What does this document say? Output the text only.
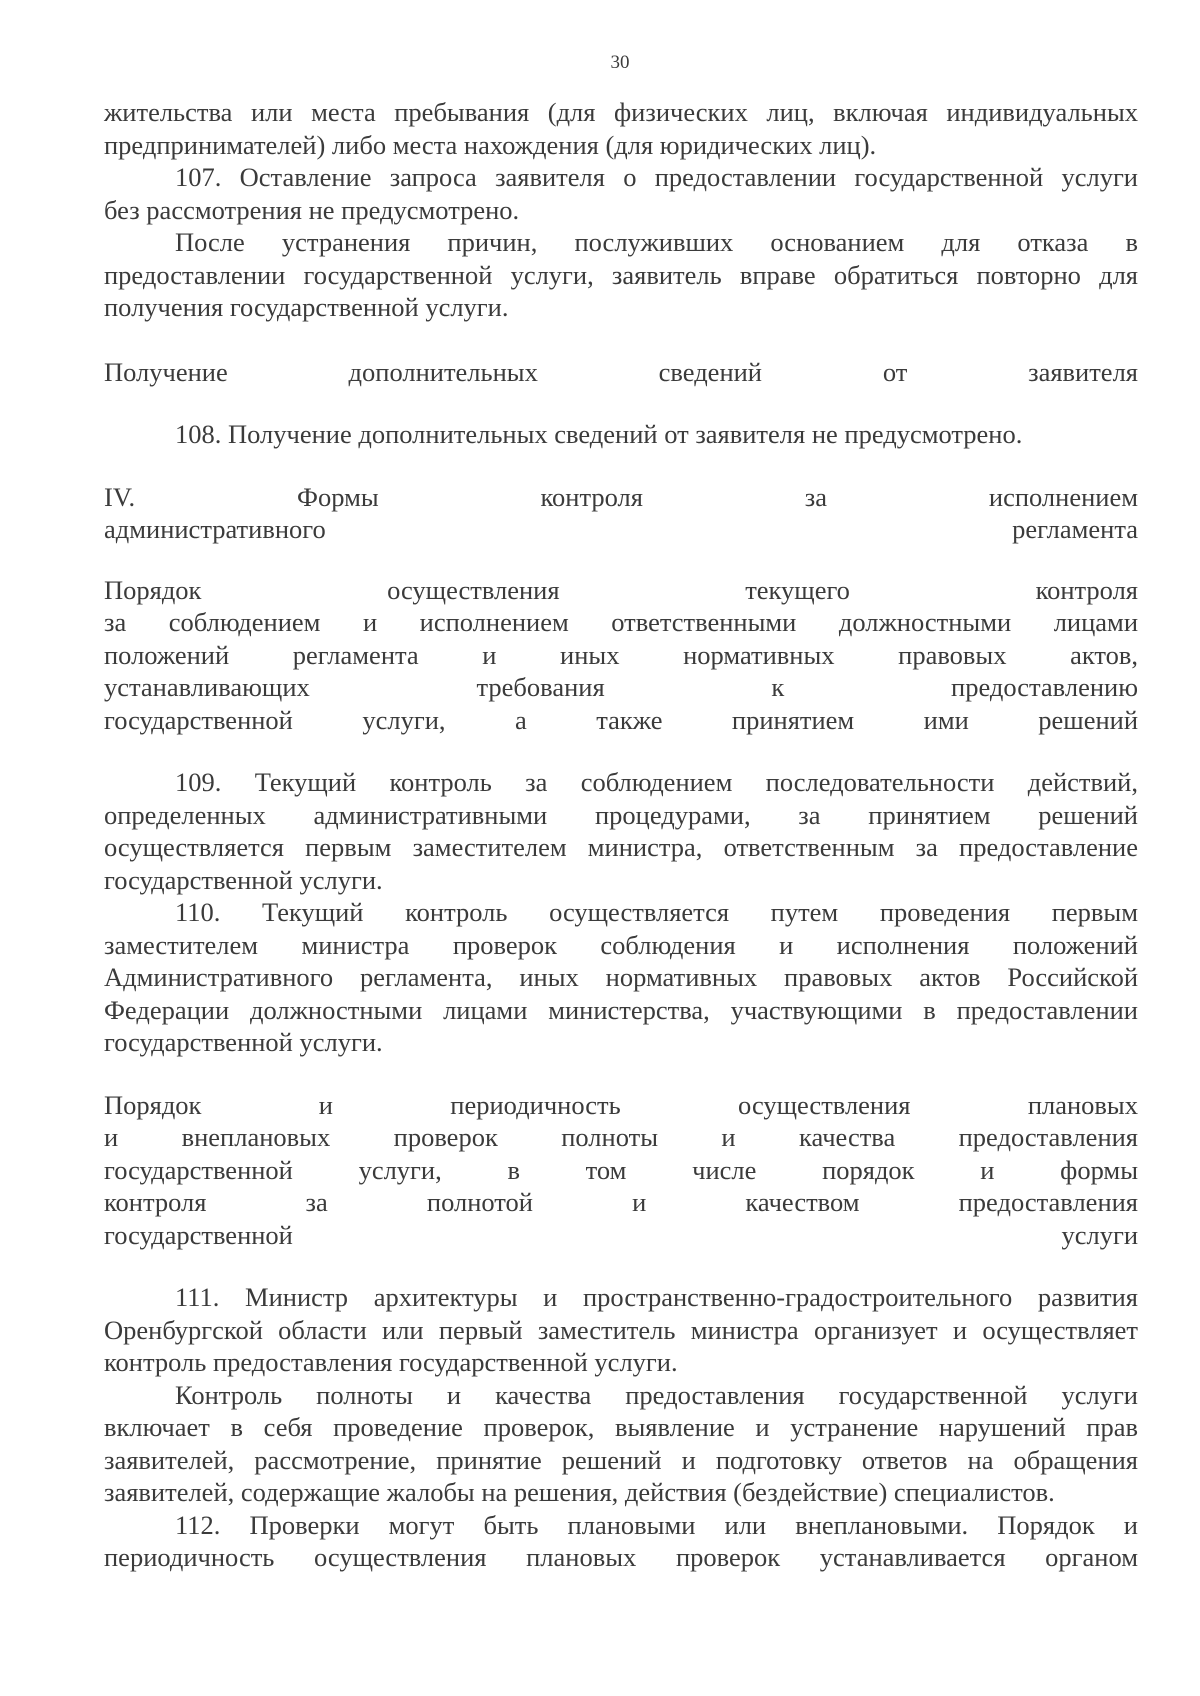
30

жительства или места пребывания (для физических лиц, включая индивидуальных

предпринимателей) либо места нахождения (для юридических лиц).

107. Оставление запроса заявителя о предоставлении государственной услуги

без рассмотрения не предусмотрено.

После устранения причин, послуживших основанием для отказа в

предоставлении государственной услуги, заявитель вправе обратиться повторно для

получения государственной услуги.

Получение дополнительных сведений от заявителя

108. Получение дополнительных сведений от заявителя не предусмотрено.

IV. Формы контроля за исполнением

административного регламента

Порядок осуществления текущего контроля

за соблюдением и исполнением ответственными должностными лицами

положений регламента и иных нормативных правовых актов,

устанавливающих требования к предоставлению

государственной услуги, а также принятием ими решений

109. Текущий контроль за соблюдением последовательности действий,

определенных административными процедурами, за принятием решений

осуществляется первым заместителем министра, ответственным за предоставление

государственной услуги.

110. Текущий контроль осуществляется путем проведения первым

заместителем министра проверок соблюдения и исполнения положений

Административного регламента, иных нормативных правовых актов Российской

Федерации должностными лицами министерства, участвующими в предоставлении

государственной услуги.

Порядок и периодичность осуществления плановых

и внеплановых проверок полноты и качества предоставления

государственной услуги, в том числе порядок и формы

контроля за полнотой и качеством предоставления

государственной услуги

111. Министр архитектуры и пространственно-градостроительного развития

Оренбургской области или первый заместитель министра организует и осуществляет

контроль предоставления государственной услуги.

Контроль полноты и качества предоставления государственной услуги

включает в себя проведение проверок, выявление и устранение нарушений прав

заявителей, рассмотрение, принятие решений и подготовку ответов на обращения

заявителей, содержащие жалобы на решения, действия (бездействие) специалистов.

112. Проверки могут быть плановыми или внеплановыми. Порядок и

периодичность осуществления плановых проверок устанавливается органом
